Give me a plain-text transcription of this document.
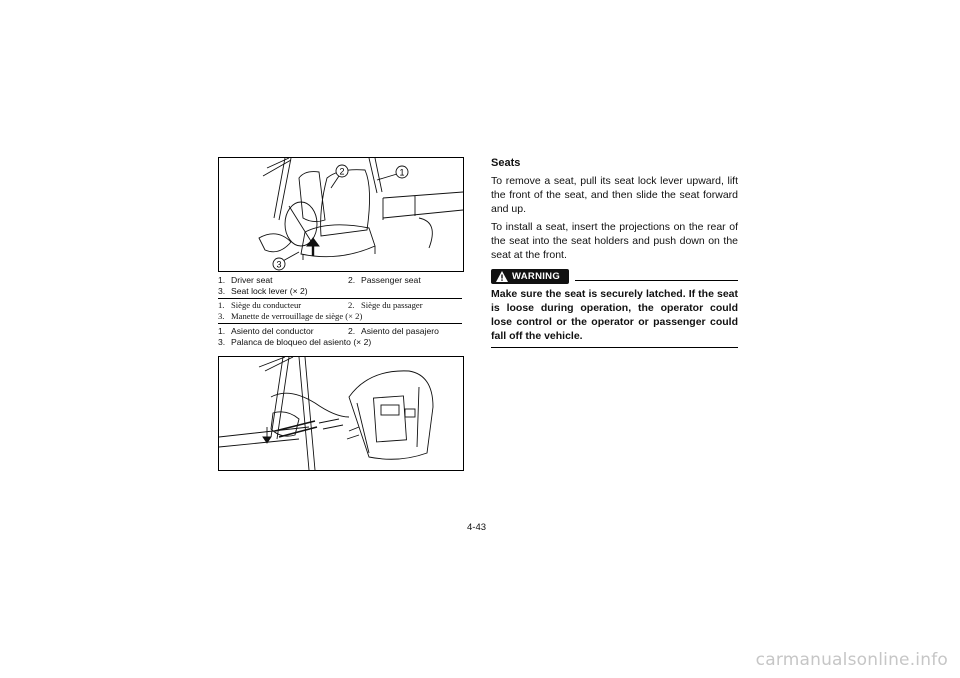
2	1
3
1. Driver seat	2. Passenger seat
3. Seat lock lever (× 2)
1. Siège du conducteur	2. Siège du passager
3. Manette de verrouillage de siège (× 2)
1. Asiento del conductor	2. Asiento del pasajero
3. Palanca de bloqueo del asiento (× 2)
Seats

To remove a seat, pull its seat lock lever upward, lift the front of the seat, and then slide the seat forward and up.

To install a seat, insert the projections on the rear of the seat into the seat holders and push down on the seat at the front.

WARNING
Make sure the seat is securely latched. If the seat is loose during operation, the operator could lose control or the operator or passenger could fall off the vehicle.
4-43
carmanualsonline.info
